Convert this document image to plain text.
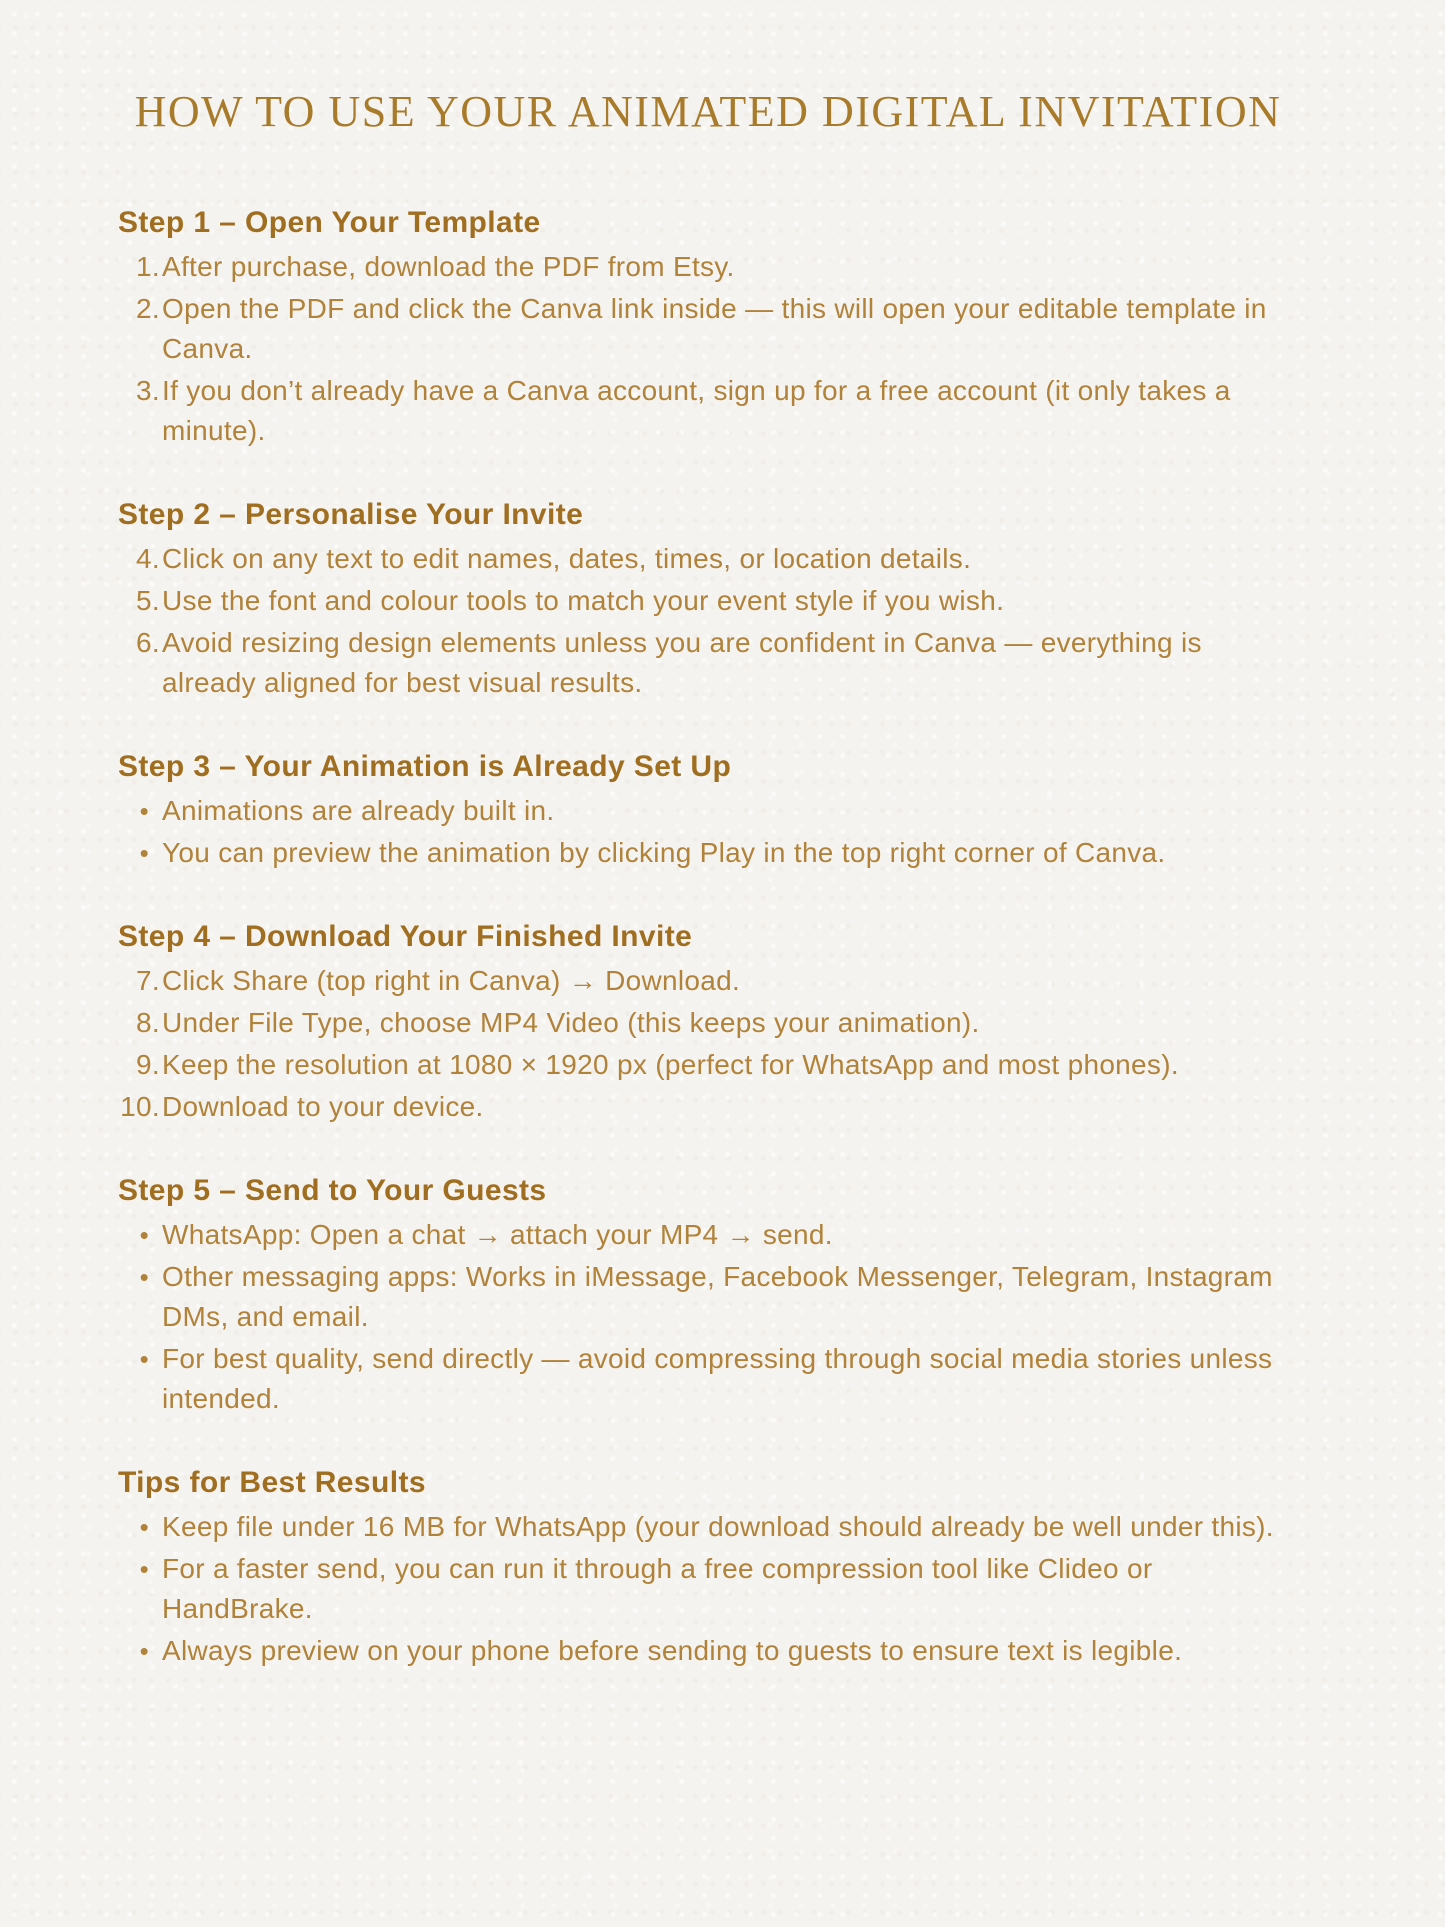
HOW TO USE YOUR ANIMATED DIGITAL INVITATION
Step 1 – Open Your Template
1. After purchase, download the PDF from Etsy.
2. Open the PDF and click the Canva link inside — this will open your editable template in Canva.
3. If you don’t already have a Canva account, sign up for a free account (it only takes a minute).
Step 2 – Personalise Your Invite
4. Click on any text to edit names, dates, times, or location details.
5. Use the font and colour tools to match your event style if you wish.
6. Avoid resizing design elements unless you are confident in Canva — everything is already aligned for best visual results.
Step 3 – Your Animation is Already Set Up
• Animations are already built in.
• You can preview the animation by clicking Play in the top right corner of Canva.
Step 4 – Download Your Finished Invite
7. Click Share (top right in Canva) → Download.
8. Under File Type, choose MP4 Video (this keeps your animation).
9. Keep the resolution at 1080 × 1920 px (perfect for WhatsApp and most phones).
10. Download to your device.
Step 5 – Send to Your Guests
• WhatsApp: Open a chat → attach your MP4 → send.
• Other messaging apps: Works in iMessage, Facebook Messenger, Telegram, Instagram DMs, and email.
• For best quality, send directly — avoid compressing through social media stories unless intended.
Tips for Best Results
• Keep file under 16 MB for WhatsApp (your download should already be well under this).
• For a faster send, you can run it through a free compression tool like Clideo or HandBrake.
• Always preview on your phone before sending to guests to ensure text is legible.
